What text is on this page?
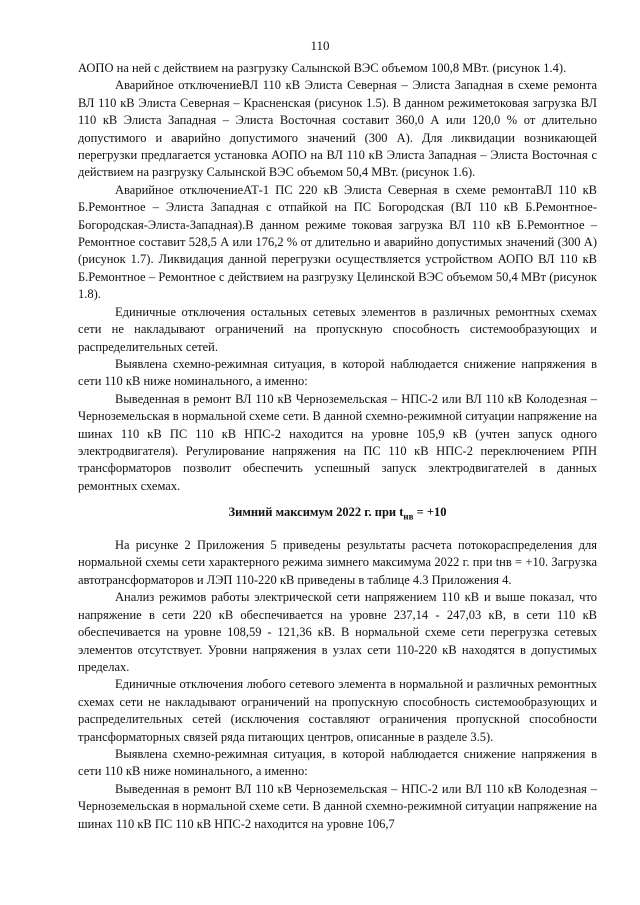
110

АОПО на ней с действием на разгрузку Салынской ВЭС объемом 100,8 МВт. (рисунок 1.4).

Аварийное отключениеВЛ 110 кВ Элиста Северная – Элиста Западная в схеме ремонта ВЛ 110 кВ Элиста Северная – Красненская (рисунок 1.5). В данном режиметоковая загрузка ВЛ 110 кВ Элиста Западная – Элиста Восточная составит 360,0 А или 120,0 % от длительно допустимого и аварийно допустимого значений (300 А). Для ликвидации возникающей перегрузки предлагается установка АОПО на ВЛ 110 кВ Элиста Западная – Элиста Восточная с действием на разгрузку Салынской ВЭС объемом 50,4 МВт. (рисунок 1.6).

Аварийное отключениеАТ-1 ПС 220 кВ Элиста Северная в схеме ремонтаВЛ 110 кВ Б.Ремонтное – Элиста Западная с отпайкой на ПС Богородская (ВЛ 110 кВ Б.Ремонтное-Богородская-Элиста-Западная).В данном режиме токовая загрузка ВЛ 110 кВ Б.Ремонтное – Ремонтное составит 528,5 А или 176,2 % от длительно и аварийно допустимых значений (300 А) (рисунок 1.7). Ликвидация данной перегрузки осуществляется устройством АОПО ВЛ 110 кВ Б.Ремонтное – Ремонтное с действием на разгрузку Целинской ВЭС объемом 50,4 МВт (рисунок 1.8).

Единичные отключения остальных сетевых элементов в различных ремонтных схемах сети не накладывают ограничений на пропускную способность системообразующих и распределительных сетей.

Выявлена схемно-режимная ситуация, в которой наблюдается снижение напряжения в сети 110 кВ ниже номинального, а именно:

Выведенная в ремонт ВЛ 110 кВ Черноземельская – НПС-2 или ВЛ 110 кВ Колодезная – Черноземельская в нормальной схеме сети. В данной схемно-режимной ситуации напряжение на шинах 110 кВ ПС 110 кВ НПС-2 находится на уровне 105,9 кВ (учтен запуск одного электродвигателя). Регулирование напряжения на ПС 110 кВ НПС-2 переключением РПН трансформаторов позволит обеспечить успешный запуск электродвигателей в данных ремонтных схемах.

Зимний максимум 2022 г. при $t_{нв} = +10$

На рисунке 2 Приложения 5 приведены результаты расчета потокораспределения для нормальной схемы сети характерного режима зимнего максимума 2022 г. при tнв = +10. Загрузка автотрансформаторов и ЛЭП 110-220 кВ приведены в таблице 4.3 Приложения 4.

Анализ режимов работы электрической сети напряжением 110 кВ и выше показал, что напряжение в сети 220 кВ обеспечивается на уровне 237,14 - 247,03 кВ, в сети 110 кВ обеспечивается на уровне 108,59 - 121,36 кВ. В нормальной схеме сети перегрузка сетевых элементов отсутствует. Уровни напряжения в узлах сети 110-220 кВ находятся в допустимых пределах.

Единичные отключения любого сетевого элемента в нормальной и различных ремонтных схемах сети не накладывают ограничений на пропускную способность системообразующих и распределительных сетей (исключения составляют ограничения пропускной способности трансформаторных связей ряда питающих центров, описанные в разделе 3.5).

Выявлена схемно-режимная ситуация, в которой наблюдается снижение напряжения в сети 110 кВ ниже номинального, а именно:

Выведенная в ремонт ВЛ 110 кВ Черноземельская – НПС-2 или ВЛ 110 кВ Колодезная – Черноземельская в нормальной схеме сети. В данной схемно-режимной ситуации напряжение на шинах 110 кВ ПС 110 кВ НПС-2 находится на уровне 106,7
